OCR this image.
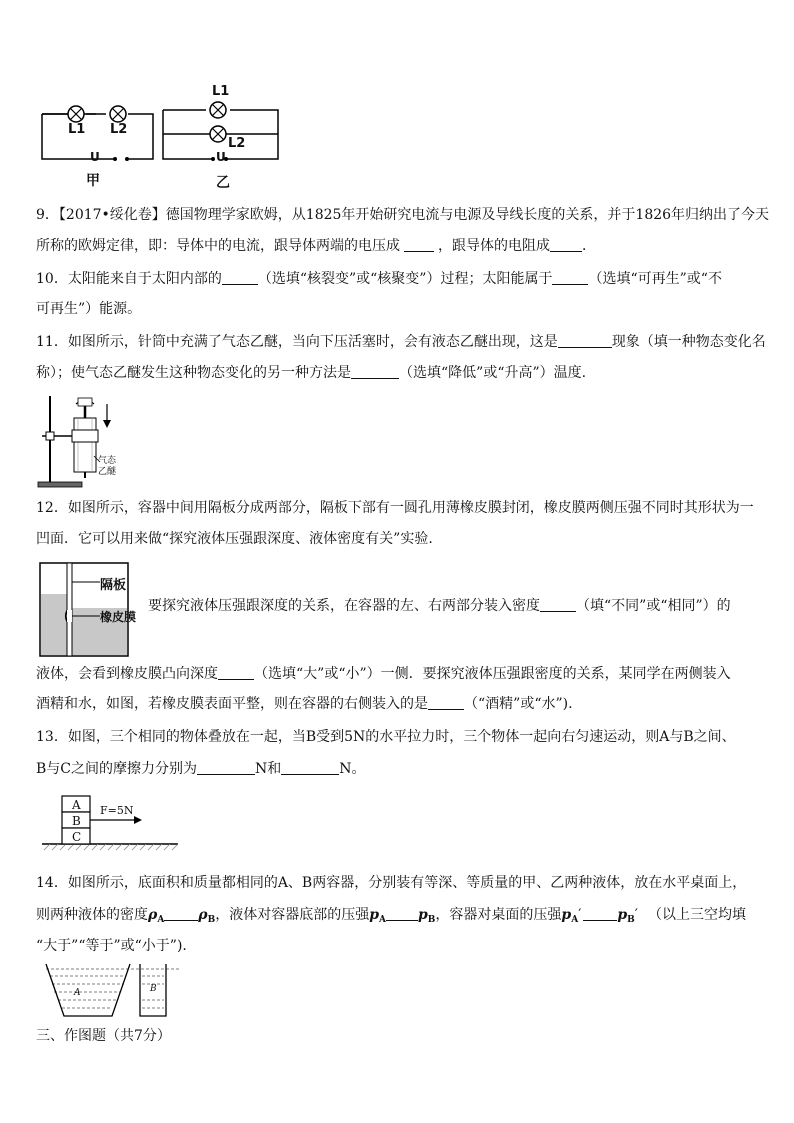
L1 L2
U
甲
L1
L2
U
乙
9．【2017•绥化卷】德国物理学家欧姆，从1825年开始研究电流与电源及导线长度的关系，并于1826年归纳出了今天
所称的欧姆定律，即：导体中的电流，跟导体两端的电压成	，跟导体的电阻成 ．
10．太阳能来自于太阳内部的	（选填“核裂变”或“核聚变”）过程；太阳能属于	（选填“可再生”或“不
可再生”）能源。
11．如图所示，针筒中充满了气态乙醚，当向下压活塞时，会有液态乙醚出现，这是	现象（填一种物态变化名
称）；使气态乙醚发生这种物态变化的另一种方法是	（选填“降低”或“升高”）温度.
气态
乙醚
12．如图所示，容器中间用隔板分成两部分，隔板下部有一圆孔用薄橡皮膜封闭，橡皮膜两侧压强不同时其形状为一
凹面．它可以用来做“探究液体压强跟深度、液体密度有关”实验.
隔板
橡皮膜
要探究液体压强跟深度的关系，在容器的左、右两部分装入密度	（填“不同”或“相同”）的
液体，会看到橡皮膜凸向深度	（选填“大”或“小”）一侧．要探究液体压强跟密度的关系，某同学在两侧装入
酒精和水，如图，若橡皮膜表面平整，则在容器的右侧装入的是	（“酒精”或“水”).
13．如图，三个相同的物体叠放在一起，当B受到5N的水平拉力时，三个物体一起向右匀速运动，则A与B之间、
B与C之间的摩擦力分别为	N和	N。
A
B
C
F=5N
14．如图所示，底面积和质量都相同的A、B两容器，分别装有等深、等质量的甲、乙两种液体，放在水平桌面上，
则两种液体的密度$\rho_A$ $\rho_B$，液体对容器底部的压强$p_A$ $p_B$，容器对桌面的压强$p_A'$	$p_B'$ （以上三空均填
“大于”“等于”或“小于”).
A	B
三、作图题（共7分）
